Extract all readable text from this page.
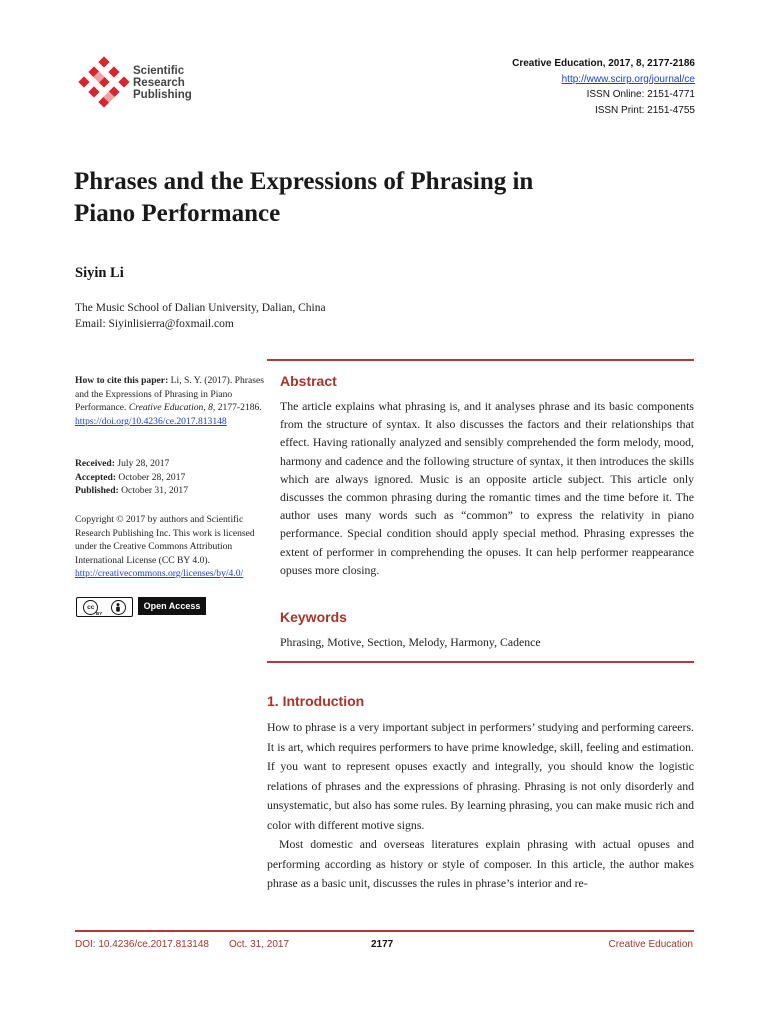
Scientific
Research
Publishing
Creative Education, 2017, 8, 2177-2186
http://www.scirp.org/journal/ce
ISSN Online: 2151-4771
ISSN Print: 2151-4755
Phrases and the Expressions of Phrasing in
Piano Performance
Siyin Li
The Music School of Dalian University, Dalian, China
Email: Siyinlisierra@foxmail.com
How to cite this paper: Li, S. Y. (2017). Phrases and the Expressions of Phrasing in Piano Performance. Creative Education, 8, 2177-2186.
https://doi.org/10.4236/ce.2017.813148
Received: July 28, 2017
Accepted: October 28, 2017
Published: October 31, 2017
Copyright © 2017 by authors and Scientific Research Publishing Inc. This work is licensed under the Creative Commons Attribution International License (CC BY 4.0).
http://creativecommons.org/licenses/by/4.0/
cc
BY
Open Access
Abstract
The article explains what phrasing is, and it analyses phrase and its basic components from the structure of syntax. It also discusses the factors and their relationships that effect. Having rationally analyzed and sensibly comprehended the form melody, mood, harmony and cadence and the following structure of syntax, it then introduces the skills which are always ignored. Music is an opposite article subject. This article only discusses the common phrasing during the romantic times and the time before it. The author uses many words such as “common” to express the relativity in piano performance. Special condition should apply special method. Phrasing expresses the extent of performer in comprehending the opuses. It can help performer reappearance opuses more closing.
Keywords
Phrasing, Motive, Section, Melody, Harmony, Cadence
1. Introduction

How to phrase is a very important subject in performers’ studying and performing careers. It is art, which requires performers to have prime knowledge, skill, feeling and estimation. If you want to represent opuses exactly and integrally, you should know the logistic relations of phrases and the expressions of phrasing. Phrasing is not only disorderly and unsystematic, but also has some rules. By learning phrasing, you can make music rich and color with different motive signs.

Most domestic and overseas literatures explain phrasing with actual opuses and performing according as history or style of composer. In this article, the author makes phrase as a basic unit, discusses the rules in phrase’s interior and re-

DOI: 10.4236/ce.2017.813148 Oct. 31, 2017	2177	Creative Education
